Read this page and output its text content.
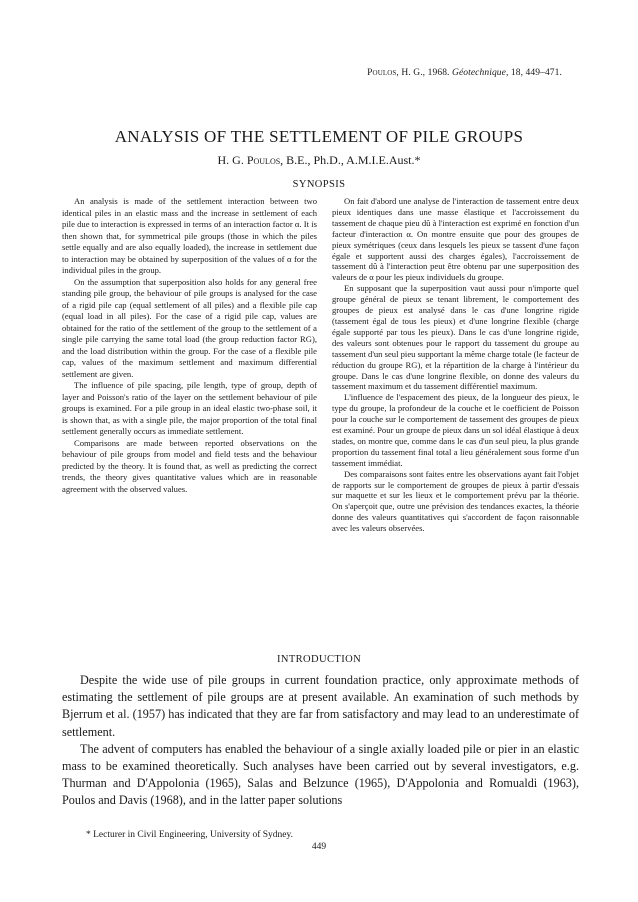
Poulos, H. G., 1968. Géotechnique, 18, 449–471.
ANALYSIS OF THE SETTLEMENT OF PILE GROUPS
H. G. Poulos, B.E., Ph.D., A.M.I.E.Aust.*
SYNOPSIS

An analysis is made of the settlement interaction between two identical piles in an elastic mass and the increase in settlement of each pile due to interaction is expressed in terms of an interaction factor α. It is then shown that, for symmetrical pile groups (those in which the piles settle equally and are also equally loaded), the increase in settlement due to interaction may be obtained by superposition of the values of α for the individual piles in the group.

On the assumption that superposition also holds for any general free standing pile group, the behaviour of pile groups is analysed for the case of a rigid pile cap (equal settlement of all piles) and a flexible pile cap (equal load in all piles). For the case of a rigid pile cap, values are obtained for the ratio of the settlement of the group to the settlement of a single pile carrying the same total load (the group reduction factor RG), and the load distribution within the group. For the case of a flexible pile cap, values of the maximum settlement and maximum differential settlement are given.

The influence of pile spacing, pile length, type of group, depth of layer and Poisson's ratio of the layer on the settlement behaviour of pile groups is examined. For a pile group in an ideal elastic two-phase soil, it is shown that, as with a single pile, the major proportion of the total final settlement generally occurs as immediate settlement.

Comparisons are made between reported observations on the behaviour of pile groups from model and field tests and the behaviour predicted by the theory. It is found that, as well as predicting the correct trends, the theory gives quantitative values which are in reasonable agreement with the observed values.

On fait d'abord une analyse de l'interaction de tassement entre deux pieux identiques dans une masse élastique et l'accroissement du tassement de chaque pieu dû à l'interaction est exprimé en fonction d'un facteur d'interaction α. On montre ensuite que pour des groupes de pieux symétriques (ceux dans lesquels les pieux se tassent d'une façon égale et supportent aussi des charges égales), l'accroissement de tassement dû à l'interaction peut être obtenu par une superposition des valeurs de α pour les pieux individuels du groupe.

En supposant que la superposition vaut aussi pour n'importe quel groupe général de pieux se tenant librement, le comportement des groupes de pieux est analysé dans le cas d'une longrine rigide (tassement égal de tous les pieux) et d'une longrine flexible (charge égale supporté par tous les pieux). Dans le cas d'une longrine rigide, des valeurs sont obtenues pour le rapport du tassement du groupe au tassement d'un seul pieu supportant la même charge totale (le facteur de réduction du groupe RG), et la répartition de la charge à l'intérieur du groupe. Dans le cas d'une longrine flexible, on donne des valeurs du tassement maximum et du tassement différentiel maximum.

L'influence de l'espacement des pieux, de la longueur des pieux, le type du groupe, la profondeur de la couche et le coefficient de Poisson pour la couche sur le comportement de tassement des groupes de pieux est examiné. Pour un groupe de pieux dans un sol idéal élastique à deux stades, on montre que, comme dans le cas d'un seul pieu, la plus grande proportion du tassement final total a lieu généralement sous forme d'un tassement immédiat.

Des comparaisons sont faites entre les observations ayant fait l'objet de rapports sur le comportement de groupes de pieux à partir d'essais sur maquette et sur les lieux et le comportement prévu par la théorie. On s'aperçoit que, outre une prévision des tendances exactes, la théorie donne des valeurs quantitatives qui s'accordent de façon raisonnable avec les valeurs observées.

INTRODUCTION

Despite the wide use of pile groups in current foundation practice, only approximate methods of estimating the settlement of pile groups are at present available. An examination of such methods by Bjerrum et al. (1957) has indicated that they are far from satisfactory and may lead to an underestimate of settlement.

The advent of computers has enabled the behaviour of a single axially loaded pile or pier in an elastic mass to be examined theoretically. Such analyses have been carried out by several investigators, e.g. Thurman and D'Appolonia (1965), Salas and Belzunce (1965), D'Appolonia and Romualdi (1963), Poulos and Davis (1968), and in the latter paper solutions

* Lecturer in Civil Engineering, University of Sydney.
449
